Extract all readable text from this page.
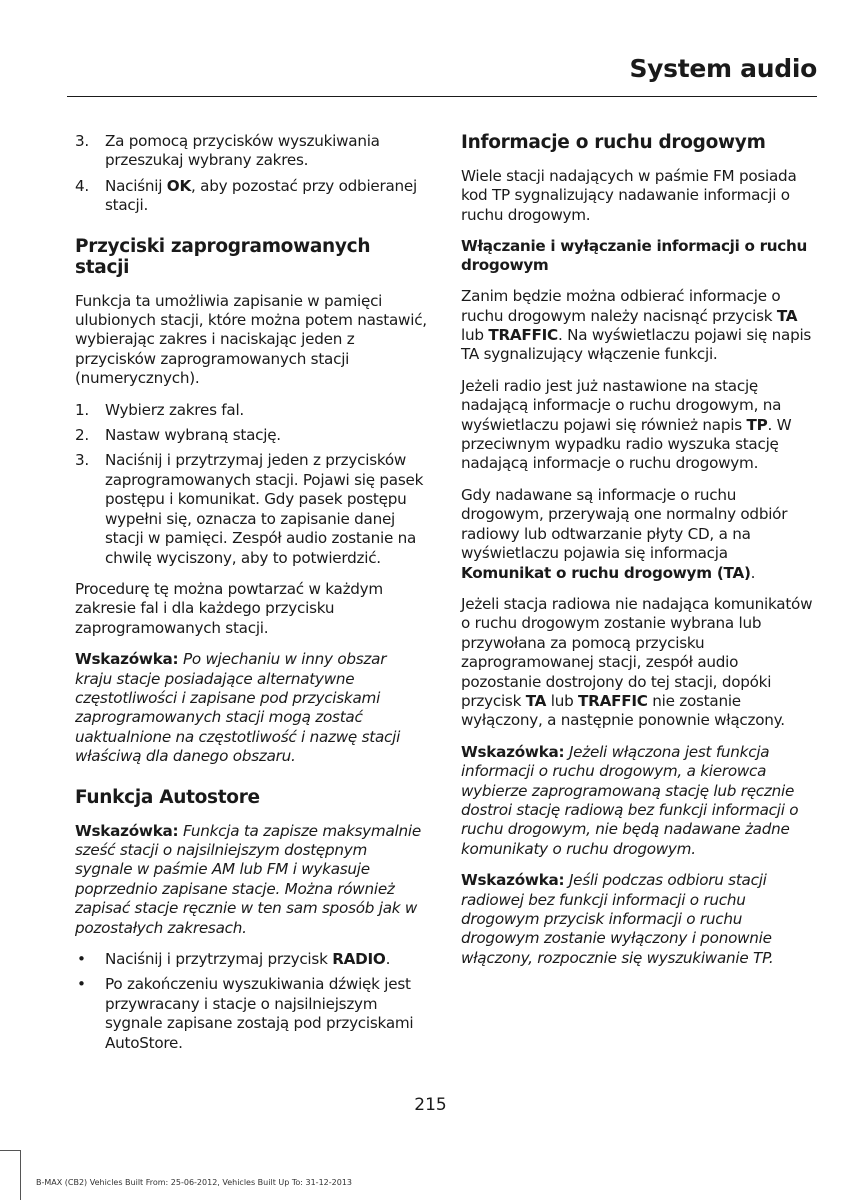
System audio
3.	Za pomocą przycisków wyszukiwania przeszukaj wybrany zakres.
4.	Naciśnij OK, aby pozostać przy odbieranej stacji.
Przyciski zaprogramowanych stacji

Funkcja ta umożliwia zapisanie w pamięci ulubionych stacji, które można potem nastawić, wybierając zakres i naciskając jeden z przycisków zaprogramowanych stacji (numerycznych).

1.	Wybierz zakres fal.
2.	Nastaw wybraną stację.
3.	Naciśnij i przytrzymaj jeden z przycisków zaprogramowanych stacji. Pojawi się pasek postępu i komunikat. Gdy pasek postępu wypełni się, oznacza to zapisanie danej stacji w pamięci. Zespół audio zostanie na chwilę wyciszony, aby to potwierdzić.

Procedurę tę można powtarzać w każdym zakresie fal i dla każdego przycisku zaprogramowanych stacji.

Wskazówka: Po wjechaniu w inny obszar kraju stacje posiadające alternatywne częstotliwości i zapisane pod przyciskami zaprogramowanych stacji mogą zostać uaktualnione na częstotliwość i nazwę stacji właściwą dla danego obszaru.

Funkcja Autostore

Wskazówka: Funkcja ta zapisze maksymalnie sześć stacji o najsilniejszym dostępnym sygnale w paśmie AM lub FM i wykasuje poprzednio zapisane stacje. Można również zapisać stacje ręcznie w ten sam sposób jak w pozostałych zakresach.

•	Naciśnij i przytrzymaj przycisk RADIO.
•	Po zakończeniu wyszukiwania dźwięk jest przywracany i stacje o najsilniejszym sygnale zapisane zostają pod przyciskami AutoStore.
Informacje o ruchu drogowym

Wiele stacji nadających w paśmie FM posiada kod TP sygnalizujący nadawanie informacji o ruchu drogowym.

Włączanie i wyłączanie informacji o ruchu drogowym

Zanim będzie można odbierać informacje o ruchu drogowym należy nacisnąć przycisk TA lub TRAFFIC. Na wyświetlaczu pojawi się napis TA sygnalizujący włączenie funkcji.

Jeżeli radio jest już nastawione na stację nadającą informacje o ruchu drogowym, na wyświetlaczu pojawi się również napis TP. W przeciwnym wypadku radio wyszuka stację nadającą informacje o ruchu drogowym.

Gdy nadawane są informacje o ruchu drogowym, przerywają one normalny odbiór radiowy lub odtwarzanie płyty CD, a na wyświetlaczu pojawia się informacja Komunikat o ruchu drogowym (TA).

Jeżeli stacja radiowa nie nadająca komunikatów o ruchu drogowym zostanie wybrana lub przywołana za pomocą przycisku zaprogramowanej stacji, zespół audio pozostanie dostrojony do tej stacji, dopóki przycisk TA lub TRAFFIC nie zostanie wyłączony, a następnie ponownie włączony.

Wskazówka: Jeżeli włączona jest funkcja informacji o ruchu drogowym, a kierowca wybierze zaprogramowaną stację lub ręcznie dostroi stację radiową bez funkcji informacji o ruchu drogowym, nie będą nadawane żadne komunikaty o ruchu drogowym.

Wskazówka: Jeśli podczas odbioru stacji radiowej bez funkcji informacji o ruchu drogowym przycisk informacji o ruchu drogowym zostanie wyłączony i ponownie włączony, rozpocznie się wyszukiwanie TP.

215
B-MAX (CB2) Vehicles Built From: 25-06-2012, Vehicles Built Up To: 31-12-2013
